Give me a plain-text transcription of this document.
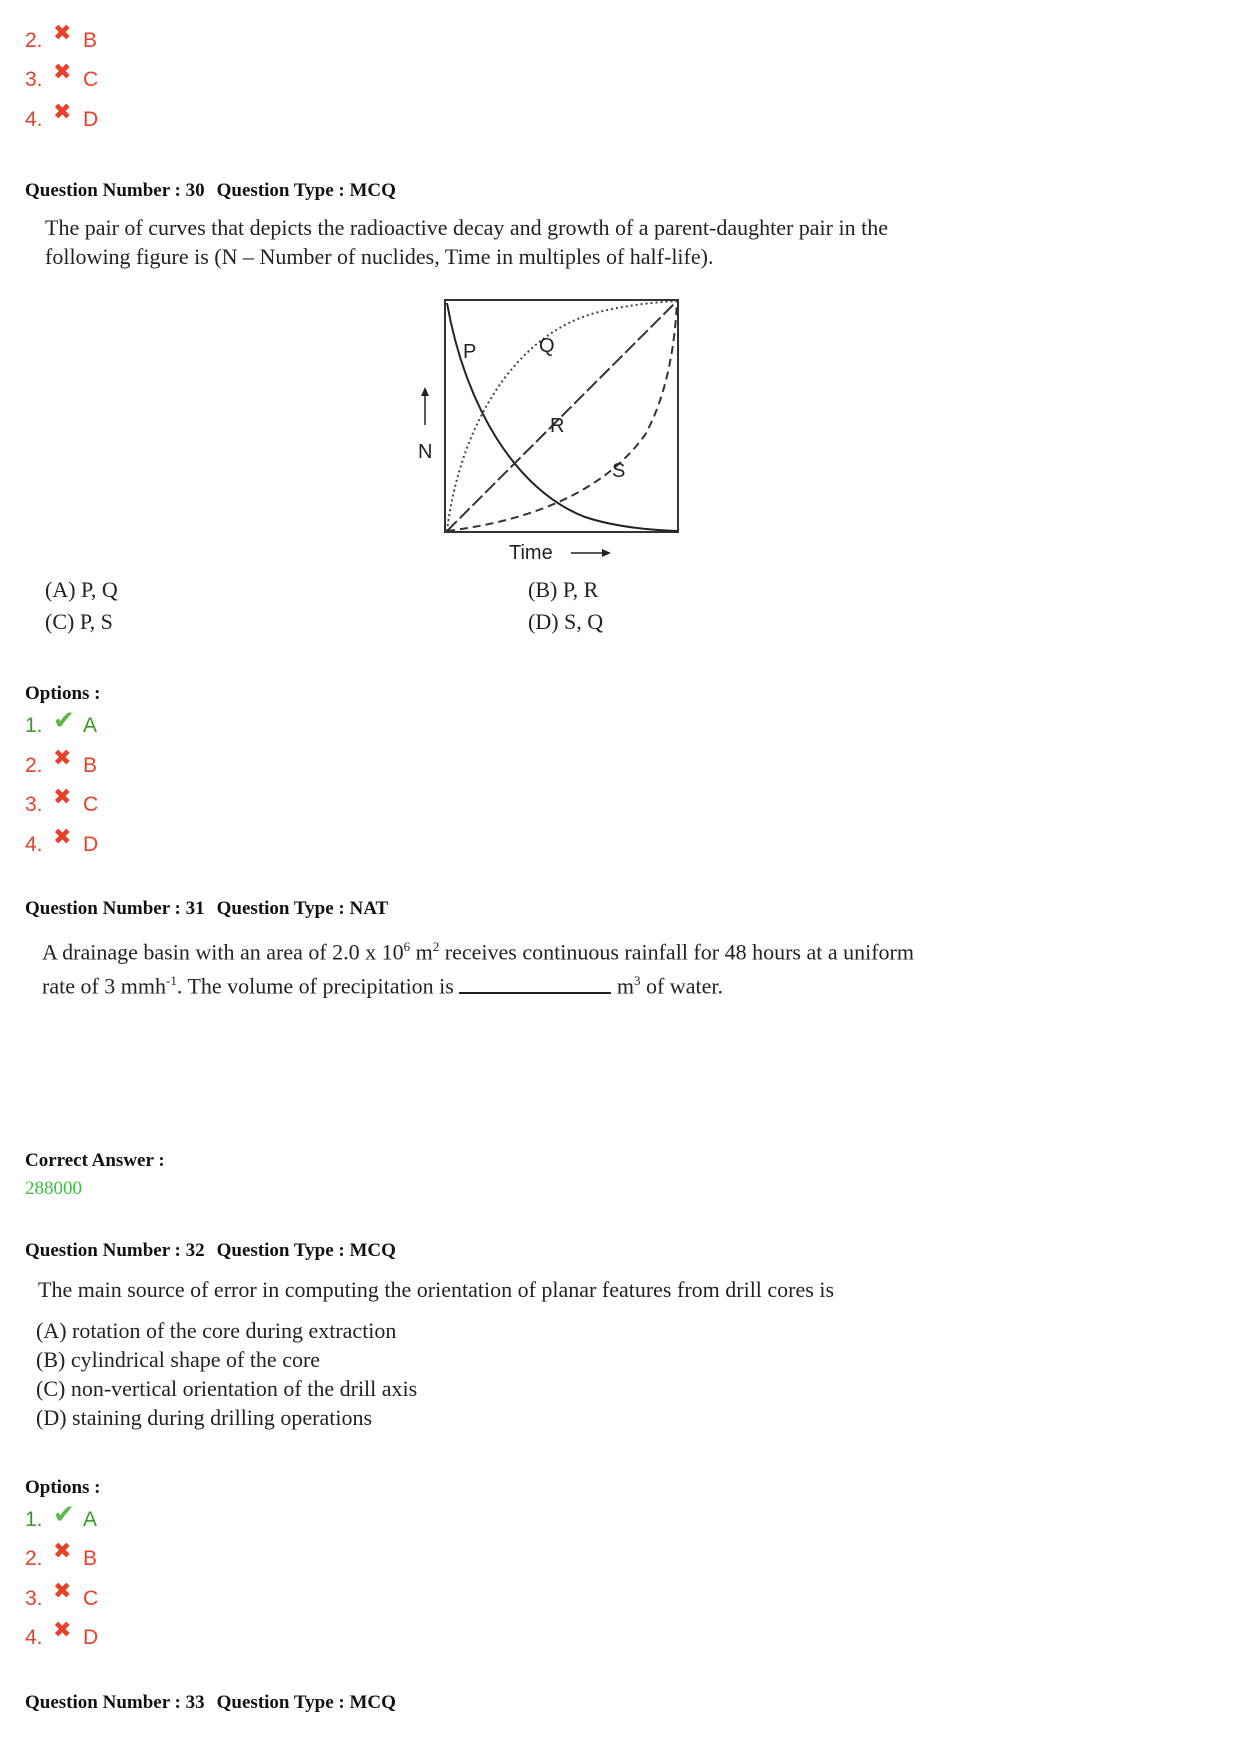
2. ✖ B
3. ✖ C
4. ✖ D
Question Number : 30 Question Type : MCQ
The pair of curves that depicts the radioactive decay and growth of a parent-daughter pair in the
following figure is (N – Number of nuclides, Time in multiples of half-life).
P	Q
R
S
N
Time
(A) P, Q	(B) P, R
(C) P, S	(D) S, Q
Options :
1. ✔ A
2. ✖ B
3. ✖ C
4. ✖ D
Question Number : 31 Question Type : NAT
A drainage basin with an area of 2.0 x $10^6$ $m^2$ receives continuous rainfall for 48 hours at a uniform
rate of 3 mmh$^{-1}$. The volume of precipitation is	$m^3$ of water.
Correct Answer :
288000
Question Number : 32 Question Type : MCQ
The main source of error in computing the orientation of planar features from drill cores is
(A) rotation of the core during extraction
(B) cylindrical shape of the core
(C) non-vertical orientation of the drill axis
(D) staining during drilling operations
Options :
1. ✔ A
2. ✖ B
3. ✖ C
4. ✖ D
Question Number : 33 Question Type : MCQ
